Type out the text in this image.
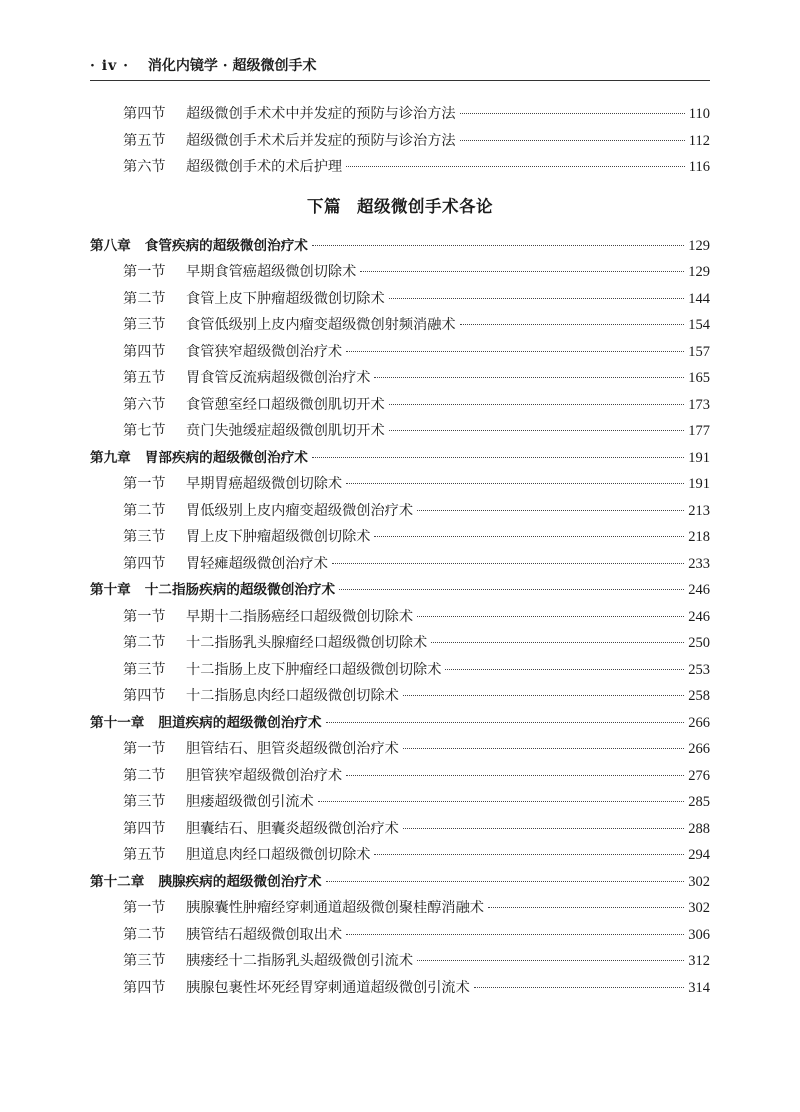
· iv · 消化内镜学 · 超级微创手术
第四节	超级微创手术术中并发症的预防与诊治方法	110
第五节	超级微创手术术后并发症的预防与诊治方法	112
第六节	超级微创手术的术后护理	116
下篇 超级微创手术各论
第八章 食管疾病的超级微创治疗术	129
第一节	早期食管癌超级微创切除术	129
第二节	食管上皮下肿瘤超级微创切除术	144
第三节	食管低级别上皮内瘤变超级微创射频消融术	154
第四节	食管狭窄超级微创治疗术	157
第五节	胃食管反流病超级微创治疗术	165
第六节	食管憩室经口超级微创肌切开术	173
第七节	贲门失弛缓症超级微创肌切开术	177
第九章 胃部疾病的超级微创治疗术	191
第一节	早期胃癌超级微创切除术	191
第二节	胃低级别上皮内瘤变超级微创治疗术	213
第三节	胃上皮下肿瘤超级微创切除术	218
第四节	胃轻瘫超级微创治疗术	233
第十章 十二指肠疾病的超级微创治疗术	246
第一节	早期十二指肠癌经口超级微创切除术	246
第二节	十二指肠乳头腺瘤经口超级微创切除术	250
第三节	十二指肠上皮下肿瘤经口超级微创切除术	253
第四节	十二指肠息肉经口超级微创切除术	258
第十一章 胆道疾病的超级微创治疗术	266
第一节	胆管结石、胆管炎超级微创治疗术	266
第二节	胆管狭窄超级微创治疗术	276
第三节	胆瘘超级微创引流术	285
第四节	胆囊结石、胆囊炎超级微创治疗术	288
第五节	胆道息肉经口超级微创切除术	294
第十二章 胰腺疾病的超级微创治疗术	302
第一节	胰腺囊性肿瘤经穿刺通道超级微创聚桂醇消融术	302
第二节	胰管结石超级微创取出术	306
第三节	胰瘘经十二指肠乳头超级微创引流术	312
第四节	胰腺包裹性坏死经胃穿刺通道超级微创引流术	314
